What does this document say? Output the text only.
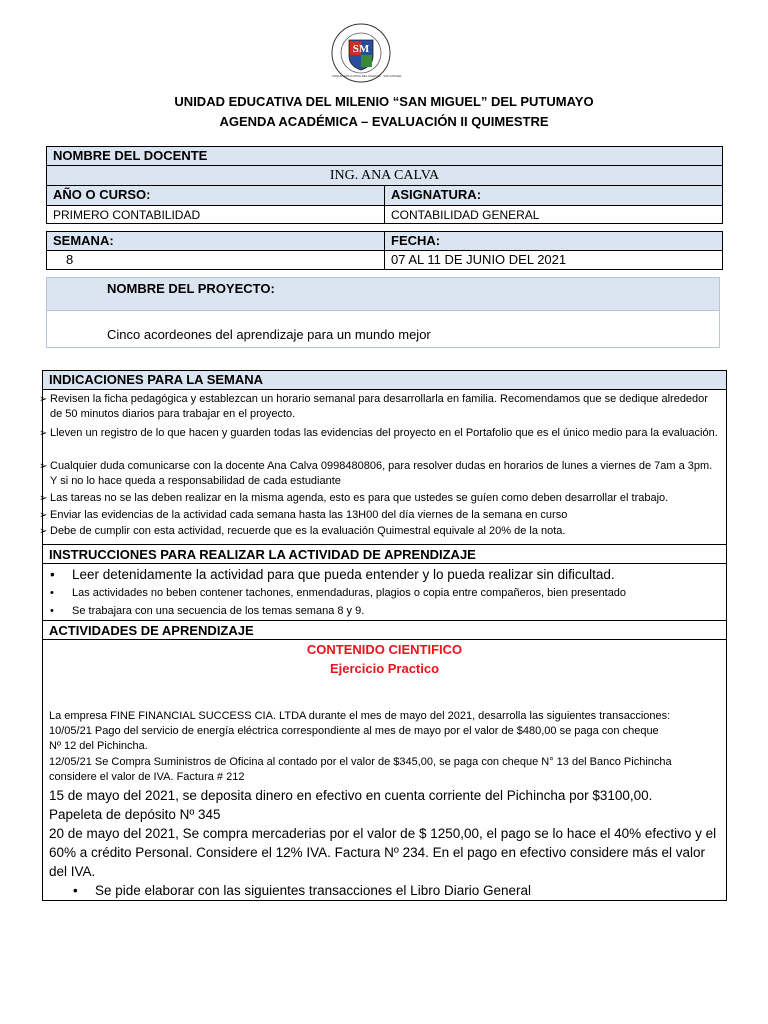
SM
UNIDAD EDUCATIVA DEL MILENIO · SAN MIGUEL
UNIDAD EDUCATIVA DEL MILENIO “SAN MIGUEL” DEL PUTUMAYO
AGENDA ACADÉMICA – EVALUACIÓN II QUIMESTRE
NOMBRE DEL DOCENTE
ING. ANA CALVA
AÑO O CURSO:	ASIGNATURA:
PRIMERO CONTABILIDAD	CONTABILIDAD GENERAL
SEMANA:	FECHA:
8	07 AL 11 DE JUNIO DEL 2021
NOMBRE DEL PROYECTO:
Cinco acordeones del aprendizaje para un mundo mejor
INDICACIONES PARA LA SEMANA
➢ Revisen la ficha pedagógica y establezcan un horario semanal para desarrollarla en familia. Recomendamos que se dedique alrededor de 50 minutos diarios para trabajar en el proyecto.
➢ Lleven un registro de lo que hacen y guarden todas las evidencias del proyecto en el Portafolio que es el único medio para la evaluación.
➢ Cualquier duda comunicarse con la docente Ana Calva 0998480806, para resolver dudas en horarios de lunes a viernes de 7am a 3pm. Y si no lo hace queda a responsabilidad de cada estudiante
➢ Las tareas no se las deben realizar en la misma agenda, esto es para que ustedes se guíen como deben desarrollar el trabajo.
➢ Enviar las evidencias de la actividad cada semana hasta las 13H00 del día viernes de la semana en curso
➢ Debe de cumplir con esta actividad, recuerde que es la evaluación Quimestral equivale al 20% de la nota.
INSTRUCCIONES PARA REALIZAR LA ACTIVIDAD DE APRENDIZAJE
• Leer detenidamente la actividad para que pueda entender y lo pueda realizar sin dificultad.
• Las actividades no beben contener tachones, enmendaduras, plagios o copia entre compañeros, bien presentado
• Se trabajara con una secuencia de los temas semana 8 y 9.
ACTIVIDADES DE APRENDIZAJE
CONTENIDO CIENTIFICO
Ejercicio Practico
La empresa FINE FINANCIAL SUCCESS CIA. LTDA durante el mes de mayo del 2021, desarrolla las siguientes transacciones:
10/05/21 Pago del servicio de energía eléctrica correspondiente al mes de mayo por el valor de $480,00 se paga con cheque
Nº 12 del Pichincha.
12/05/21 Se Compra Suministros de Oficina al contado por el valor de $345,00, se paga con cheque N° 13 del Banco Pichincha
considere el valor de IVA. Factura # 212
15 de mayo del 2021, se deposita dinero en efectivo en cuenta corriente del Pichincha por $3100,00.
Papeleta de depósito Nº 345
20 de mayo del 2021, Se compra mercaderias por el valor de $ 1250,00, el pago se lo hace el 40% efectivo y el
60% a crédito Personal. Considere el 12% IVA. Factura Nº 234. En el pago en efectivo considere más el valor
del IVA.
• Se pide elaborar con las siguientes transacciones el Libro Diario General
